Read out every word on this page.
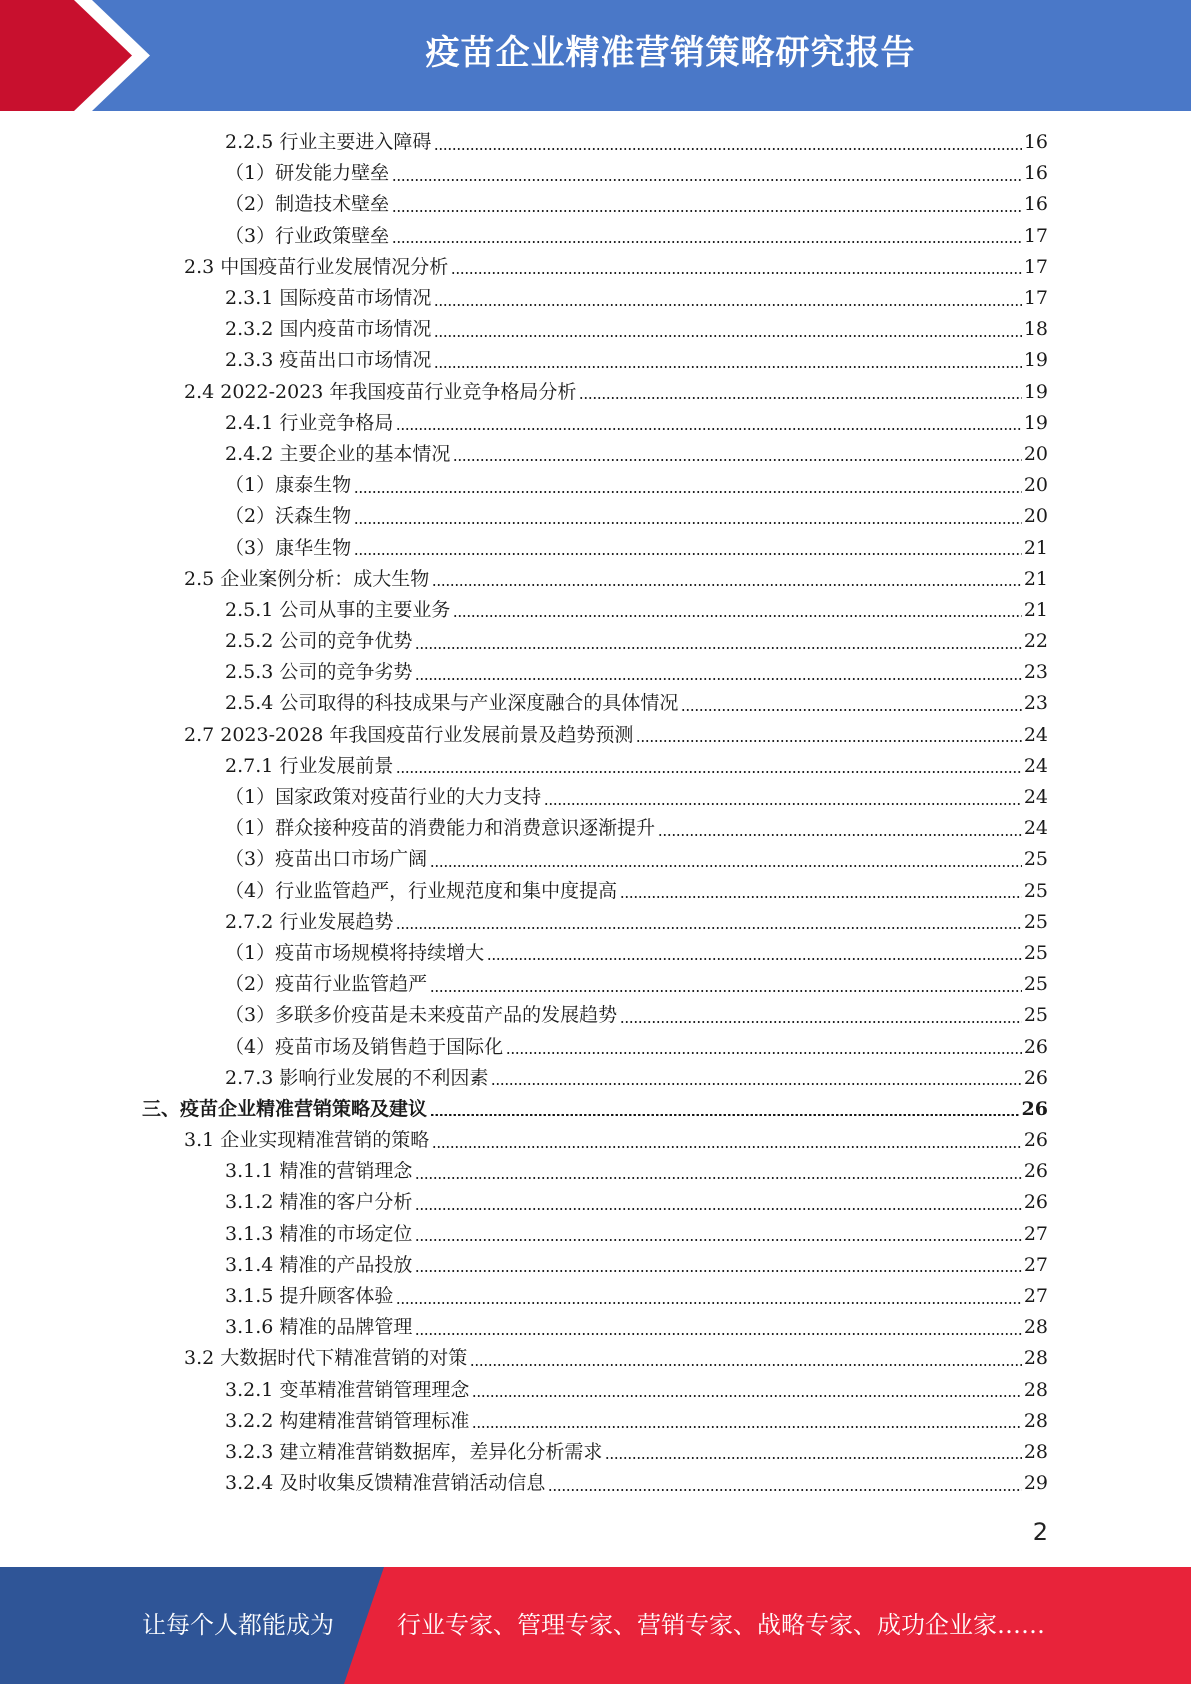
疫苗企业精准营销策略研究报告
2.2.5 行业主要进入障碍	16
（1）研发能力壁垒	16
（2）制造技术壁垒	16
（3）行业政策壁垒	17
2.3 中国疫苗行业发展情况分析	17
2.3.1 国际疫苗市场情况	17
2.3.2 国内疫苗市场情况	18
2.3.3 疫苗出口市场情况	19
2.4 2022-2023 年我国疫苗行业竞争格局分析	19
2.4.1 行业竞争格局	19
2.4.2 主要企业的基本情况	20
（1）康泰生物	20
（2）沃森生物	20
（3）康华生物	21
2.5 企业案例分析：成大生物	21
2.5.1 公司从事的主要业务	21
2.5.2 公司的竞争优势	22
2.5.3 公司的竞争劣势	23
2.5.4 公司取得的科技成果与产业深度融合的具体情况	23
2.7 2023-2028 年我国疫苗行业发展前景及趋势预测	24
2.7.1 行业发展前景	24
（1）国家政策对疫苗行业的大力支持	24
（1）群众接种疫苗的消费能力和消费意识逐渐提升	24
（3）疫苗出口市场广阔	25
（4）行业监管趋严，行业规范度和集中度提高	25
2.7.2 行业发展趋势	25
（1）疫苗市场规模将持续增大	25
（2）疫苗行业监管趋严	25
（3）多联多价疫苗是未来疫苗产品的发展趋势	25
（4）疫苗市场及销售趋于国际化	26
2.7.3 影响行业发展的不利因素	26
三、疫苗企业精准营销策略及建议	26
3.1 企业实现精准营销的策略	26
3.1.1 精准的营销理念	26
3.1.2 精准的客户分析	26
3.1.3 精准的市场定位	27
3.1.4 精准的产品投放	27
3.1.5 提升顾客体验	27
3.1.6 精准的品牌管理	28
3.2 大数据时代下精准营销的对策	28
3.2.1 变革精准营销管理理念	28
3.2.2 构建精准营销管理标准	28
3.2.3 建立精准营销数据库，差异化分析需求	28
3.2.4 及时收集反馈精准营销活动信息	29
2
让每个人都能成为	行业专家、管理专家、营销专家、战略专家、成功企业家……
